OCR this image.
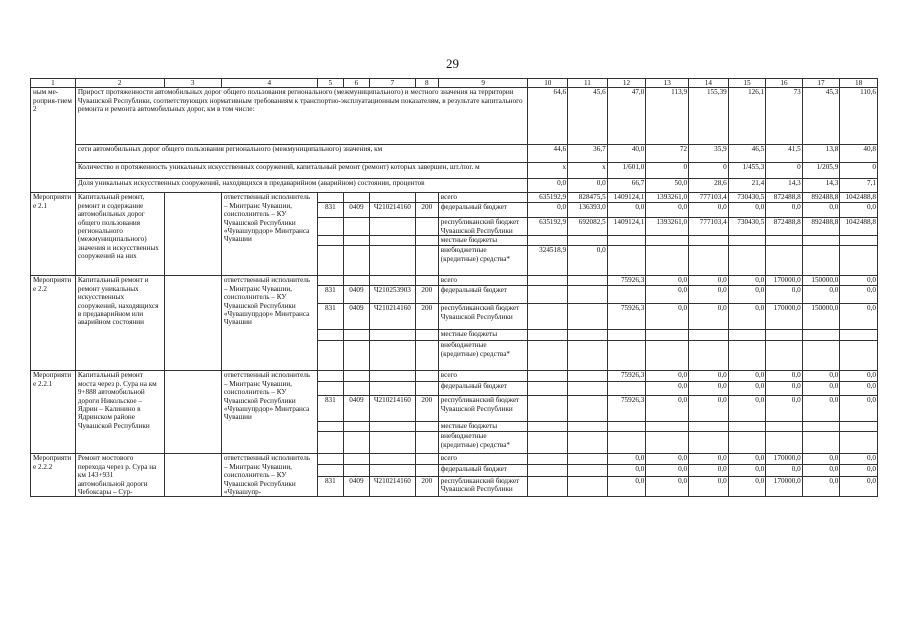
29
1	2	3	4	5	6	7	8	9	10	11	12	13	14	15	16	17	18
ным ме-роприя-тием 2	Прирост протяженности автомобильных дорог общего пользования регионального (межмуниципального) и местного значения на территории Чувашской Республики, соответствующих нормативным требованиям к транспортно-эксплуатационным показателям, в результате капитального ремонта и ремонта автомобильных дорог, км в том числе:								64,6	45,6	47,0	113,9	155,39	126,1	73	45,3	110,6
	сети автомобильных дорог общего пользования регионального (межмуниципального) значения, км								44,6	36,7	40,0	72	35,9	46,5	41,5	13,8	40,8
	Количество и протяженность уникальных искусственных сооружений, капитальный ремонт (ремонт) которых завершен, шт./пог. м								x	x	1/601,0	0	0	1/455,3	0	1/205,9	0
	Доля уникальных искусственных сооружений, находящихся в предаварийном (аварийном) состоянии, процентов								0,0	0,0	66,7	50,0	28,6	21,4	14,3	14,3	7,1
Мероприятие 2.1	Капитальный ремонт, ремонт и содержание автомобильных дорог общего пользования регионального (межмуниципального) значения и искусственных сооружений на них		ответственный исполнитель – Минтранс Чувашии, соисполнитель – КУ Чувашской Республики «Чувашупрдор» Минтранса Чувашии					всего	635192,9	828475,5	1409124,1	1393261,0	777103,4	730430,5	872488,8	892488,8	1042488,8
				831	0409	Ч210214160	200	федеральный бюджет	0,0	136393,0	0,0	0,0	0,0	0,0	0,0	0,0	0,0
								республиканский бюджет Чувашской Республики	635192,9	692082,5	1409124,1	1393261,0	777103,4	730430,5	872488,8	892488,8	1042488,8
								местные бюджеты									
								внебюджетные (кредитные) средства*	324518,9	0,0							
Мероприятие 2.2	Капитальный ремонт и ремонт уникальных искусственных сооружений, находящихся в предаварийном или аварийном состоянии		ответственный исполнитель – Минтранс Чувашии, соисполнитель – КУ Чувашской Республики «Чувашупрдор» Минтранса Чувашии					всего			75926,3	0,0	0,0	0,0	170000,0	150000,0	0,0
				831	0409	Ч210253903	200	федеральный бюджет				0,0	0,0	0,0	0,0	0,0	0,0
				831	0409	Ч210214160	200	республиканский бюджет Чувашской Республики			75926,3	0,0	0,0	0,0	170000,0	150000,0	0,0
								местные бюджеты									
								внебюджетные (кредитные) средства*									
Мероприятие 2.2.1	Капитальный ремонт моста через р. Сура на км 9+888 автомобильной дороги Никольское – Ядрин – Калинино в Ядринском районе Чувашской Республики		ответственный исполнитель – Минтранс Чувашии, соисполнитель – КУ Чувашской Республики «Чувашупрдор» Минтранса Чувашии					всего			75926,3	0,0	0,0	0,0	0,0	0,0	0,0
								федеральный бюджет				0,0	0,0	0,0	0,0	0,0	0,0
				831	0409	Ч210214160	200	республиканский бюджет Чувашской Республики			75926,3	0,0	0,0	0,0	0,0	0,0	0,0
								местные бюджеты									
								внебюджетные (кредитные) средства*									
Мероприятие 2.2.2	Ремонт мостового перехода через р. Сура на км 143+931 автомобильной дороги Чебоксары – Сур-		ответственный исполнитель – Минтранс Чувашии, соисполнитель – КУ Чувашской Республики «Чувашупр-					всего			0,0	0,0	0,0	0,0	170000,0	0,0	0,0
								федеральный бюджет			0,0	0,0	0,0	0,0	0,0	0,0	0,0
				831	0409	Ч210214160	200	республиканский бюджет Чувашской Республики			0,0	0,0	0,0	0,0	170000,0	0,0	0,0
